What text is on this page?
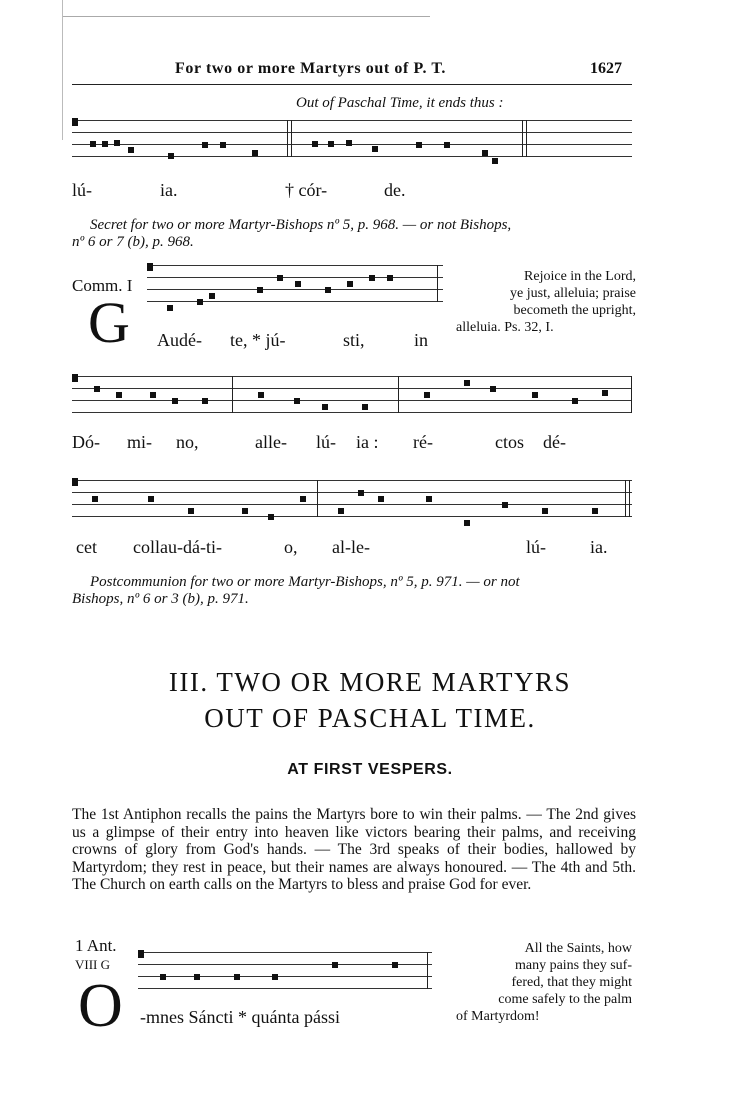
For two or more Martyrs out of P. T.	1627
Out of Paschal Time, it ends thus :
lú-	ia.	† cór-	de.
Secret for two or more Martyr-Bishops nº 5, p. 968. — or not Bishops,
nº 6 or 7 (b), p. 968.
Comm. I
G Audé- te, * jú-	sti,	in
Rejoice in the Lord,
ye just, alleluia; praise
becometh the upright,
alleluia. Ps. 32, I.
Dó- mi- no,	alle- lú- ia : ré-	ctos dé-
cet collau-dá-ti-	o, al-le-	lú- ia.
Postcommunion for two or more Martyr-Bishops, nº 5, p. 971. — or not
Bishops, nº 6 or 3 (b), p. 971.
III. TWO OR MORE MARTYRS
OUT OF PASCHAL TIME.
AT FIRST VESPERS.
The 1st Antiphon recalls the pains the Martyrs bore to win their palms. — The 2nd gives us a glimpse of their entry into heaven like victors bearing their palms, and receiving crowns of glory from God's hands. — The 3rd speaks of their bodies, hallowed by Martyrdom; they rest in peace, but their names are always honoured. — The 4th and 5th. The Church on earth calls on the Martyrs to bless and praise God for ever.
1 Ant.
VIII G
O -mnes Sáncti * quánta pássi
All the Saints, how
many pains they suf-
fered, that they might
come safely to the palm
of Martyrdom!
